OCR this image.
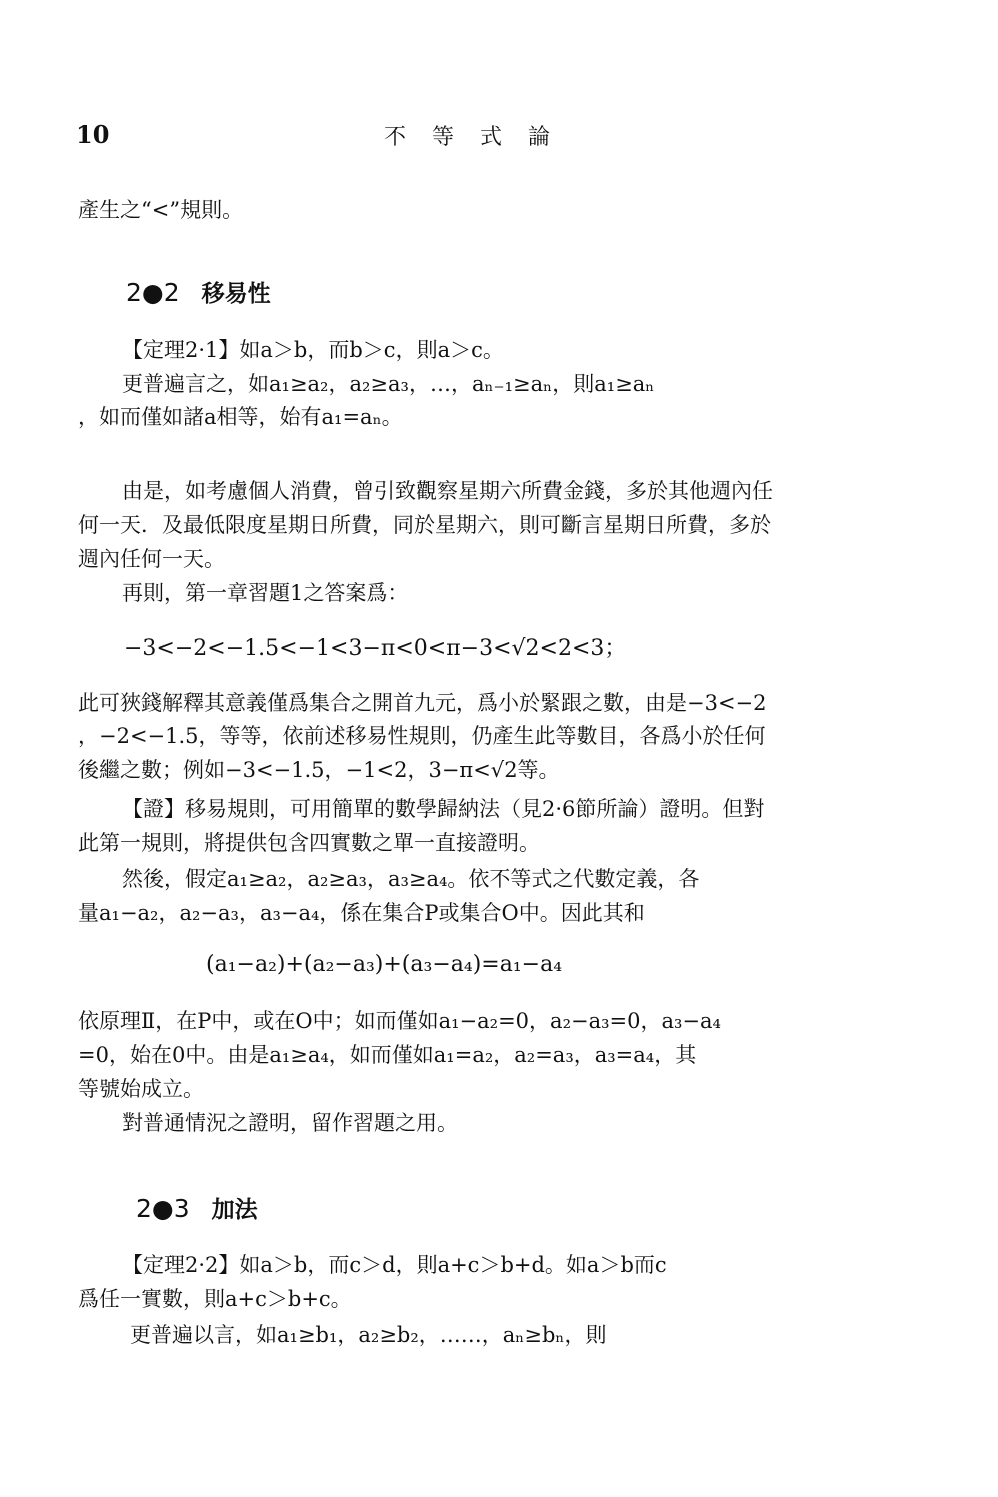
10	不等式論

產生之“<”規則。

2●2 移易性

【定理2·1】如a＞b，而b＞c，則a＞c。

更普遍言之，如a₁≥a₂，a₂≥a₃，…，aₙ₋₁≥aₙ，則a₁≥aₙ

，如而僅如諸a相等，始有a₁=aₙ。

由是，如考慮個人消費，曾引致觀察星期六所費金錢，多於其他週內任

何一天．及最低限度星期日所費，同於星期六，則可斷言星期日所費，多於

週內任何一天。

再則，第一章習題1之答案爲：

−3<−2<−1.5<−1<3−π<0<π−3<√2<2<3；

此可狹錢解釋其意義僅爲集合之開首九元，爲小於緊跟之數，由是−3<−2

，−2<−1.5，等等，依前述移易性規則，仍產生此等數目，各爲小於任何

後繼之數；例如−3<−1.5，−1<2，3−π<√2等。

【證】移易規則，可用簡單的數學歸納法（見2·6節所論）證明。但對

此第一規則，將提供包含四實數之單一直接證明。

然後，假定a₁≥a₂，a₂≥a₃，a₃≥a₄。依不等式之代數定義，各

量a₁−a₂，a₂−a₃，a₃−a₄，係在集合P或集合O中。因此其和

(a₁−a₂)+(a₂−a₃)+(a₃−a₄)=a₁−a₄

依原理Ⅱ，在P中，或在O中；如而僅如a₁−a₂=0，a₂−a₃=0，a₃−a₄

=0，始在0中。由是a₁≥a₄，如而僅如a₁=a₂，a₂=a₃，a₃=a₄，其

等號始成立。

對普通情況之證明，留作習題之用。

2●3 加法

【定理2·2】如a＞b，而c＞d，則a+c＞b+d。如a＞b而c

爲任一實數，則a+c＞b+c。

更普遍以言，如a₁≥b₁，a₂≥b₂，……，aₙ≥bₙ，則
